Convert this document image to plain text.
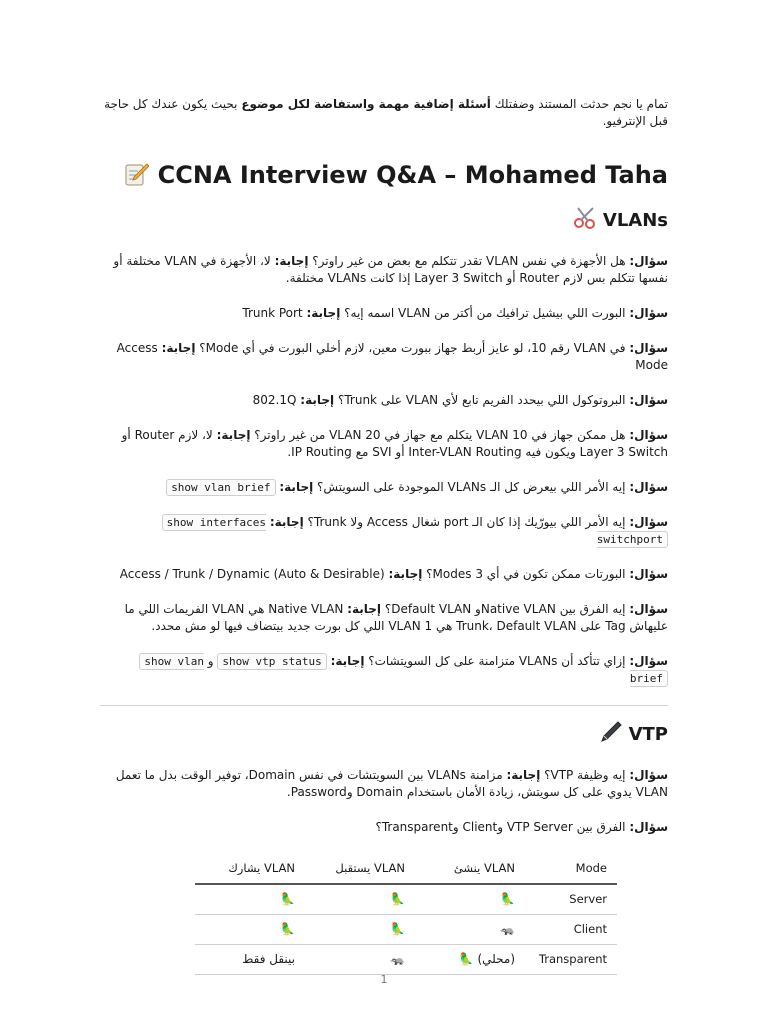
تمام يا نجم حدثت المستند وضفتلك أسئلة إضافية مهمة واستفاضة لكل موضوع بحيث يكون عندك كل حاجة قبل الإنترفيو.

CCNA Interview Q&A – Mohamed Taha
VLANs

سؤال: هل الأجهزة في نفس VLAN تقدر تتكلم مع بعض من غير راوتر؟ إجابة: لا، الأجهزة في VLAN مختلفة أو نفسها تتكلم بس لازم Router أو Layer 3 Switch إذا كانت VLANs مختلفة.

سؤال: البورت اللي بيشيل ترافيك من أكتر من VLAN اسمه إيه؟ إجابة: Trunk Port

سؤال: في VLAN رقم 10، لو عايز أربط جهاز ببورت معين، لازم أخلي البورت في أي Mode؟ إجابة: Access Mode

سؤال: البروتوكول اللي بيحدد الفريم تابع لأي VLAN على Trunk؟ إجابة: 802.1Q

سؤال: هل ممكن جهاز في VLAN 10 يتكلم مع جهاز في VLAN 20 من غير راوتر؟ إجابة: لا، لازم Router أو Layer 3 Switch ويكون فيه Inter-VLAN Routing أو SVI مع IP Routing.

سؤال: إيه الأمر اللي بيعرض كل الـ VLANs الموجودة على السويتش؟ إجابة: show vlan brief

سؤال: إيه الأمر اللي بيورّيك إذا كان الـ port شغال Access ولا Trunk؟ إجابة: show interfaces switchport

سؤال: البورتات ممكن تكون في أي 3 Modes؟ إجابة: Access / Trunk / Dynamic (Auto & Desirable)

سؤال: إيه الفرق بين Native VLANو Default VLAN؟ إجابة: Native VLAN هي VLAN الفريمات اللي ما عليهاش Tag على Trunk، Default VLAN هي VLAN 1 اللي كل بورت جديد بيتضاف فيها لو مش محدد.

سؤال: إزاي تتأكد أن VLANs متزامنة على كل السويتشات؟ إجابة: show vtp status و show vlan brief

VTP

سؤال: إيه وظيفة VTP؟ إجابة: مزامنة VLANs بين السويتشات في نفس Domain، توفير الوقت بدل ما تعمل VLAN يدوي على كل سويتش، زيادة الأمان باستخدام Domain وPassword.

سؤال: الفرق بين VTP Server وClient وTransparent؟

يشارك VLAN	يستقبل VLAN	ينشئ VLAN	Mode
🦜	🦜	🦜	Server
🦜	🦜	🦡	Client
بينقل فقط	🦡	🦜 (محلي)	Transparent
1
